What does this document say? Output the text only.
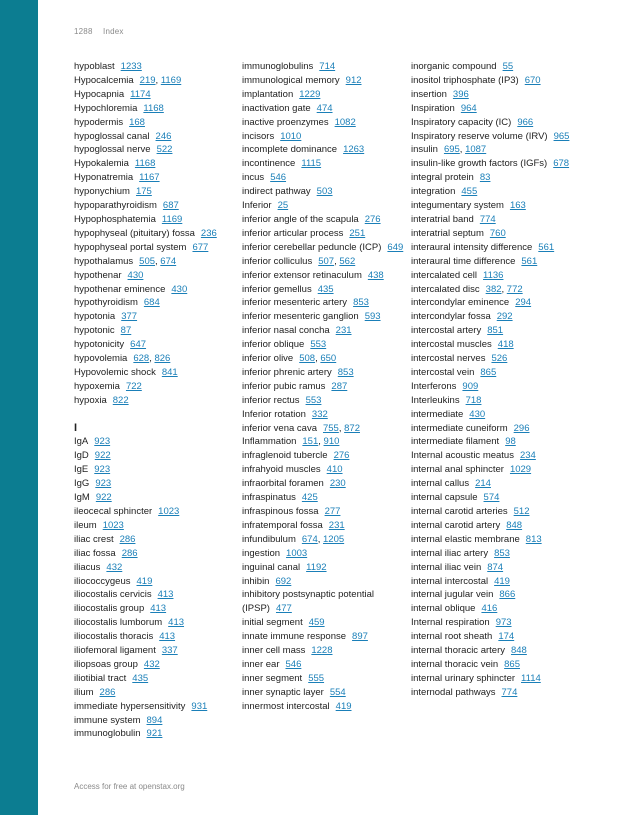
1288 Index
hypoblast 1233
Hypocalcemia 219, 1169
Hypocapnia 1174
Hypochloremia 1168
hypodermis 168
hypoglossal canal 246
hypoglossal nerve 522
Hypokalemia 1168
Hyponatremia 1167
hyponychium 175
hypoparathyroidism 687
Hypophosphatemia 1169
hypophyseal (pituitary) fossa 236
hypophyseal portal system 677
hypothalamus 505, 674
hypothenar 430
hypothenar eminence 430
hypothyroidism 684
hypotonia 377
hypotonic 87
hypotonicity 647
hypovolemia 628, 826
Hypovolemic shock 841
hypoxemia 722
hypoxia 822
I
IgA 923
IgD 922
IgE 923
IgG 923
IgM 922
ileocecal sphincter 1023
ileum 1023
iliac crest 286
iliac fossa 286
iliacus 432
iliococcygeus 419
iliocostalis cervicis 413
iliocostalis group 413
iliocostalis lumborum 413
iliocostalis thoracis 413
iliofemoral ligament 337
iliopsoas group 432
iliotibial tract 435
ilium 286
immediate hypersensitivity 931
immune system 894
immunoglobulin 921
immunoglobulins 714
immunological memory 912
implantation 1229
inactivation gate 474
inactive proenzymes 1082
incisors 1010
incomplete dominance 1263
incontinence 1115
incus 546
indirect pathway 503
Inferior 25
inferior angle of the scapula 276
inferior articular process 251
inferior cerebellar peduncle (ICP) 649
inferior colliculus 507, 562
inferior extensor retinaculum 438
inferior gemellus 435
inferior mesenteric artery 853
inferior mesenteric ganglion 593
inferior nasal concha 231
inferior oblique 553
inferior olive 508, 650
inferior phrenic artery 853
inferior pubic ramus 287
inferior rectus 553
Inferior rotation 332
inferior vena cava 755, 872
Inflammation 151, 910
infraglenoid tubercle 276
infrahyoid muscles 410
infraorbital foramen 230
infraspinatus 425
infraspinous fossa 277
infratemporal fossa 231
infundibulum 674, 1205
ingestion 1003
inguinal canal 1192
inhibin 692
inhibitory postsynaptic potential (IPSP) 477
initial segment 459
innate immune response 897
inner cell mass 1228
inner ear 546
inner segment 555
inner synaptic layer 554
innermost intercostal 419
inorganic compound 55
inositol triphosphate (IP3) 670
insertion 396
Inspiration 964
Inspiratory capacity (IC) 966
Inspiratory reserve volume (IRV) 965
insulin 695, 1087
insulin-like growth factors (IGFs) 678
integral protein 83
integration 455
integumentary system 163
interatrial band 774
interatrial septum 760
interaural intensity difference 561
interaural time difference 561
intercalated cell 1136
intercalated disc 382, 772
intercondylar eminence 294
intercondylar fossa 292
intercostal artery 851
intercostal muscles 418
intercostal nerves 526
intercostal vein 865
Interferons 909
Interleukins 718
intermediate 430
intermediate cuneiform 296
intermediate filament 98
Internal acoustic meatus 234
internal anal sphincter 1029
internal callus 214
internal capsule 574
internal carotid arteries 512
internal carotid artery 848
internal elastic membrane 813
internal iliac artery 853
internal iliac vein 874
internal intercostal 419
internal jugular vein 866
internal oblique 416
Internal respiration 973
internal root sheath 174
internal thoracic artery 848
internal thoracic vein 865
internal urinary sphincter 1114
internodal pathways 774
Access for free at openstax.org
